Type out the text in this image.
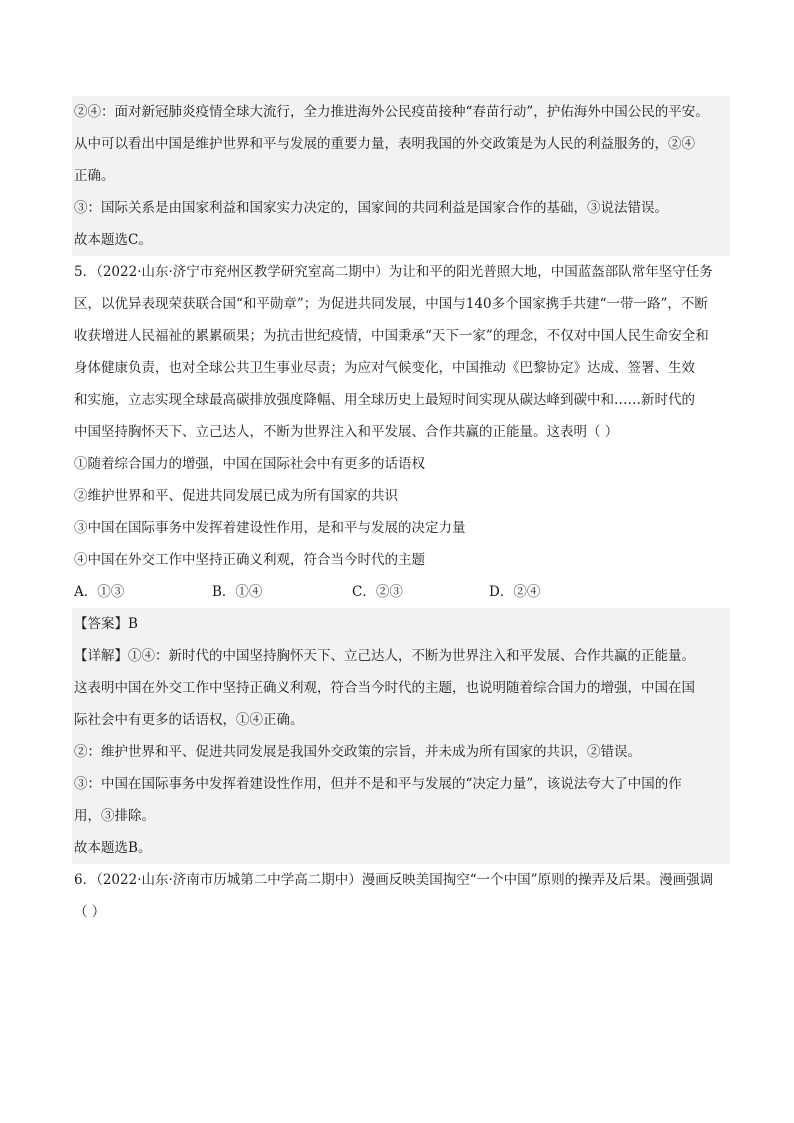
②④：面对新冠肺炎疫情全球大流行，全力推进海外公民疫苗接种“春苗行动”，护佑海外中国公民的平安。
从中可以看出中国是维护世界和平与发展的重要力量，表明我国的外交政策是为人民的利益服务的，②④
正确。
③：国际关系是由国家利益和国家实力决定的，国家间的共同利益是国家合作的基础，③说法错误。
故本题选C。
5．（2022·山东·济宁市兖州区教学研究室高二期中）为让和平的阳光普照大地，中国蓝盔部队常年坚守任务
区，以优异表现荣获联合国“和平勋章”；为促进共同发展，中国与140多个国家携手共建“一带一路”，不断
收获增进人民福祉的累累硕果；为抗击世纪疫情，中国秉承“天下一家”的理念，不仅对中国人民生命安全和
身体健康负责，也对全球公共卫生事业尽责；为应对气候变化，中国推动《巴黎协定》达成、签署、生效
和实施，立志实现全球最高碳排放强度降幅、用全球历史上最短时间实现从碳达峰到碳中和……新时代的
中国坚持胸怀天下、立己达人，不断为世界注入和平发展、合作共赢的正能量。这表明（ ）
①随着综合国力的增强，中国在国际社会中有更多的话语权
②维护世界和平、促进共同发展已成为所有国家的共识
③中国在国际事务中发挥着建设性作用，是和平与发展的决定力量
④中国在外交工作中坚持正确义利观，符合当今时代的主题
A．①③	B．①④	C．②③	D．②④
【答案】B
【详解】①④：新时代的中国坚持胸怀天下、立己达人，不断为世界注入和平发展、合作共赢的正能量。
这表明中国在外交工作中坚持正确义利观，符合当今时代的主题，也说明随着综合国力的增强，中国在国
际社会中有更多的话语权，①④正确。
②：维护世界和平、促进共同发展是我国外交政策的宗旨，并未成为所有国家的共识，②错误。
③：中国在国际事务中发挥着建设性作用，但并不是和平与发展的“决定力量”，该说法夸大了中国的作
用，③排除。
故本题选B。
6．（2022·山东·济南市历城第二中学高二期中）漫画反映美国掏空“一个中国”原则的操弄及后果。漫画强调
（ ）
